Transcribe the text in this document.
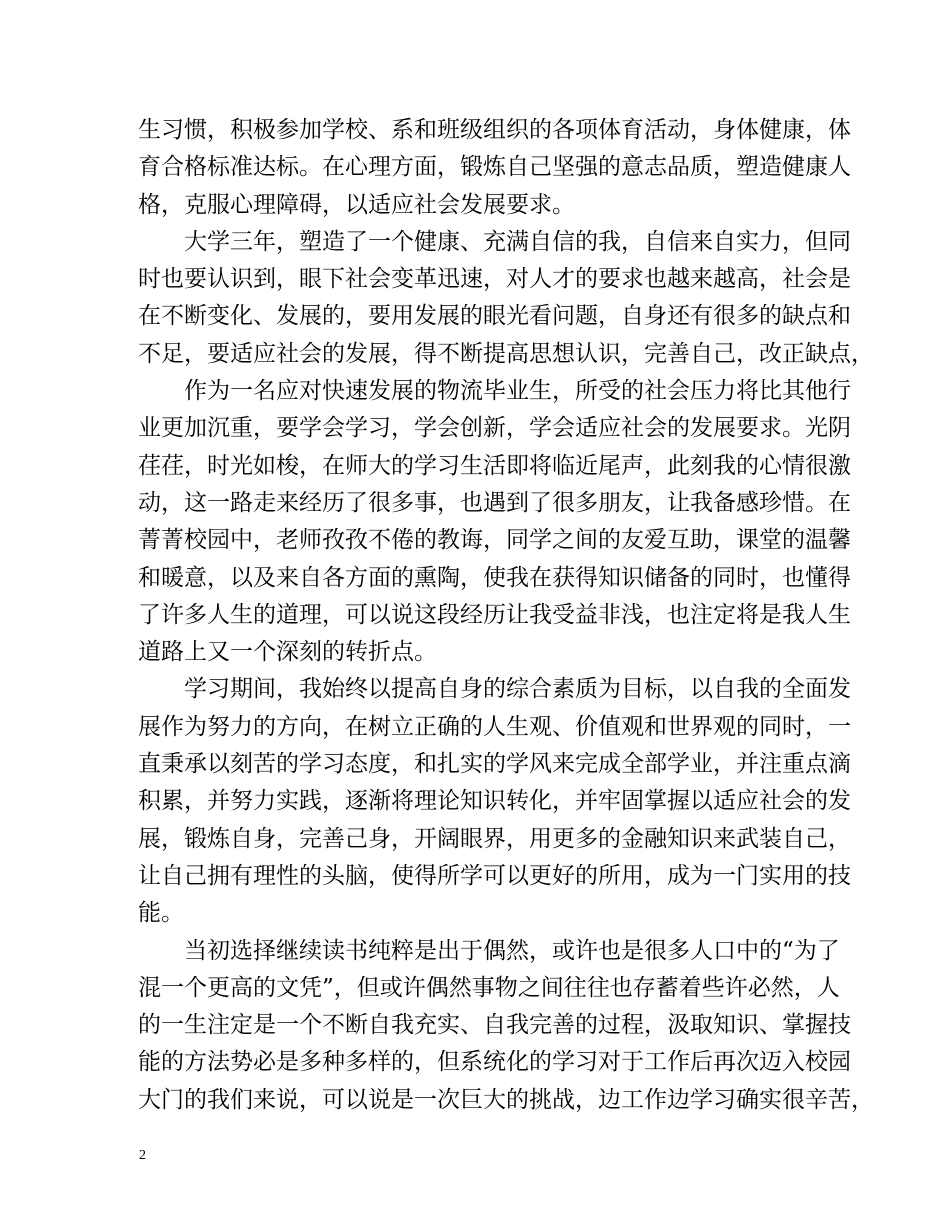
生习惯，积极参加学校、系和班级组织的各项体育活动，身体健康，体
育合格标准达标。在心理方面，锻炼自己坚强的意志品质，塑造健康人
格，克服心理障碍，以适应社会发展要求。
大学三年，塑造了一个健康、充满自信的我，自信来自实力，但同
时也要认识到，眼下社会变革迅速，对人才的要求也越来越高，社会是
在不断变化、发展的，要用发展的眼光看问题，自身还有很多的缺点和
不足，要适应社会的发展，得不断提高思想认识，完善自己，改正缺点，
作为一名应对快速发展的物流毕业生，所受的社会压力将比其他行
业更加沉重，要学会学习，学会创新，学会适应社会的发展要求。光阴
荏荏，时光如梭，在师大的学习生活即将临近尾声，此刻我的心情很激
动，这一路走来经历了很多事，也遇到了很多朋友，让我备感珍惜。在
菁菁校园中，老师孜孜不倦的教诲，同学之间的友爱互助，课堂的温馨
和暖意，以及来自各方面的熏陶，使我在获得知识储备的同时，也懂得
了许多人生的道理，可以说这段经历让我受益非浅，也注定将是我人生
道路上又一个深刻的转折点。
学习期间，我始终以提高自身的综合素质为目标，以自我的全面发
展作为努力的方向，在树立正确的人生观、价值观和世界观的同时，一
直秉承以刻苦的学习态度，和扎实的学风来完成全部学业，并注重点滴
积累，并努力实践，逐渐将理论知识转化，并牢固掌握以适应社会的发
展，锻炼自身，完善己身，开阔眼界，用更多的金融知识来武装自己，
让自己拥有理性的头脑，使得所学可以更好的所用，成为一门实用的技
能。
当初选择继续读书纯粹是出于偶然，或许也是很多人口中的“为了
混一个更高的文凭”，但或许偶然事物之间往往也存蓄着些许必然，人
的一生注定是一个不断自我充实、自我完善的过程，汲取知识、掌握技
能的方法势必是多种多样的，但系统化的学习对于工作后再次迈入校园
大门的我们来说，可以说是一次巨大的挑战，边工作边学习确实很辛苦，
2
